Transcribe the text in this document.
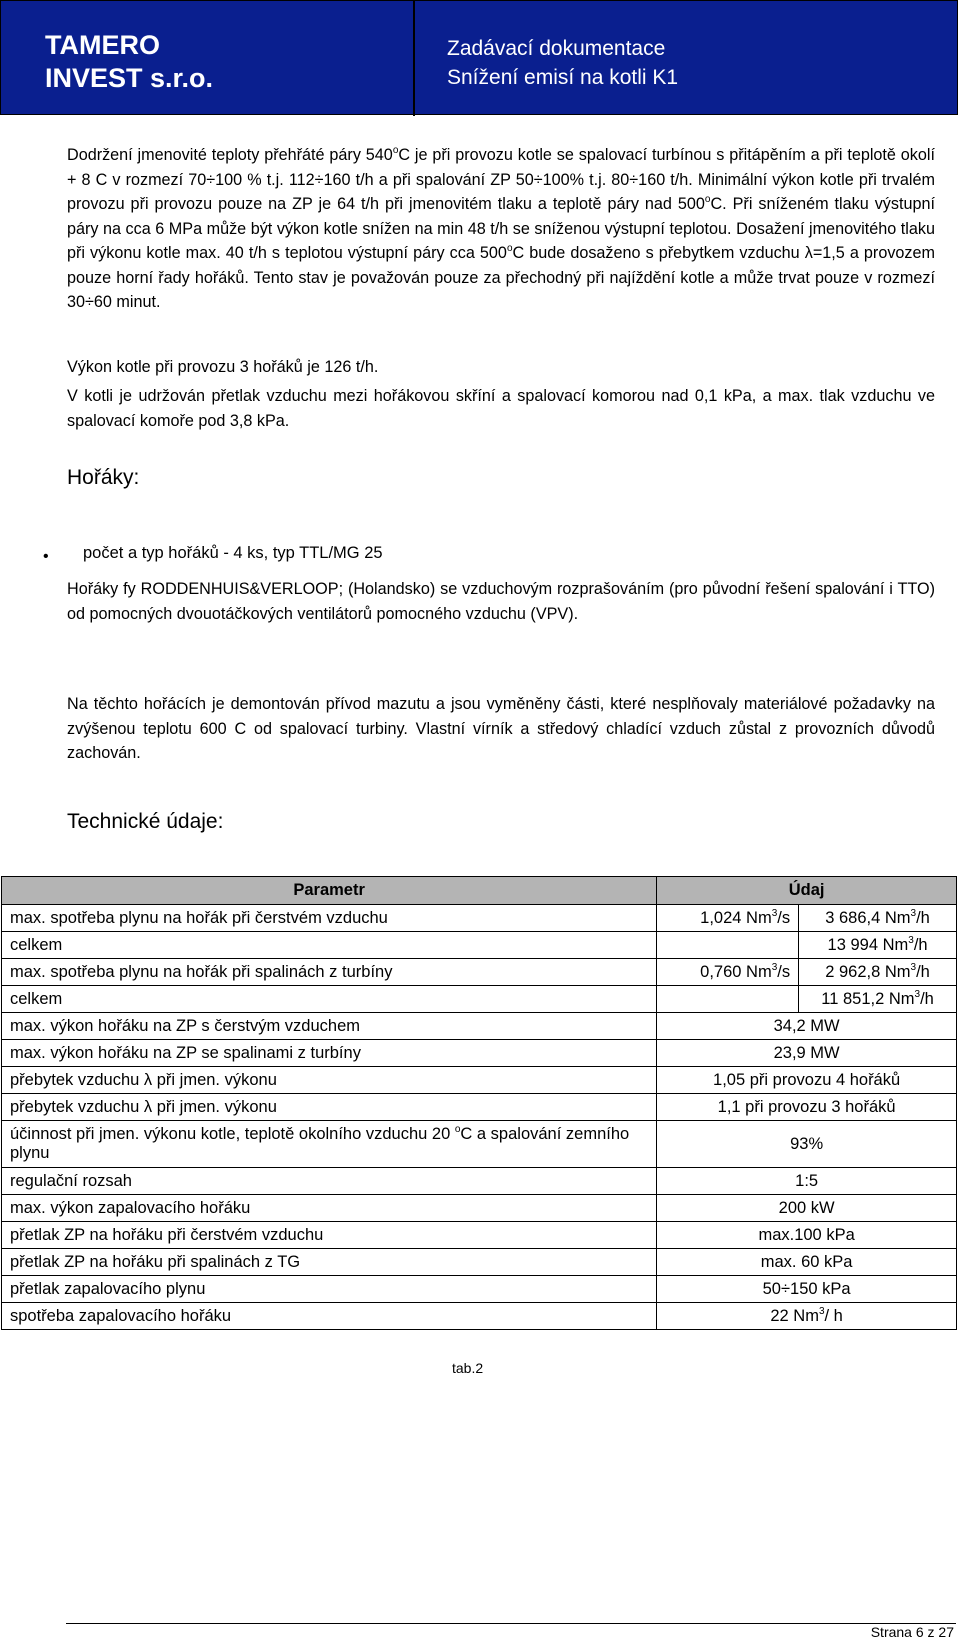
TAMERO
INVEST s.r.o.
Zadávací dokumentace
Snížení emisí na kotli K1

Dodržení jmenovité teploty přehřáté páry 540$^o$C je při provozu kotle se spalovací turbínou s přitápěním a při teplotě okolí + 8 C v rozmezí 70÷100 % t.j. 112÷160 t/h a při spalování ZP 50÷100% t.j. 80÷160 t/h. Minimální výkon kotle při trvalém provozu při provozu pouze na ZP je 64 t/h při jmenovitém tlaku a teplotě páry nad 500$^o$C. Při sníženém tlaku výstupní páry na cca 6 MPa může být výkon kotle snížen na min 48 t/h se sníženou výstupní teplotou. Dosažení jmenovitého tlaku při výkonu kotle max. 40 t/h s teplotou výstupní páry cca 500$^o$C bude dosaženo s přebytkem vzduchu λ=1,5 a provozem pouze horní řady hořáků. Tento stav je považován pouze za přechodný při najíždění kotle a může trvat pouze v rozmezí 30÷60 minut.

Výkon kotle při provozu 3 hořáků je 126 t/h.
V kotli je udržován přetlak vzduchu mezi hořákovou skříní a spalovací komorou nad 0,1 kPa, a max. tlak vzduchu ve spalovací komoře pod 3,8 kPa.
Hořáky:
• počet a typ hořáků - 4 ks, typ TTL/MG 25
Hořáky fy RODDENHUIS&VERLOOP; (Holandsko) se vzduchovým rozprašováním (pro původní řešení spalování i TTO) od pomocných dvouotáčkových ventilátorů pomocného vzduchu (VPV).
Na těchto hořácích je demontován přívod mazutu a jsou vyměněny části, které nesplňovaly materiálové požadavky na zvýšenou teplotu 600 C od spalovací turbiny. Vlastní vírník a středový chladící vzduch zůstal z provozních důvodů zachován.
Technické údaje:
Parametr	Údaj	
max. spotřeba plynu na hořák při čerstvém vzduchu	1,024 Nm$^3$/s	3 686,4 Nm$^3$/h
celkem		13 994 Nm$^3$/h
max. spotřeba plynu na hořák při spalinách z turbíny	0,760 Nm$^3$/s	2 962,8 Nm$^3$/h
celkem		11 851,2 Nm$^3$/h
max. výkon hořáku na ZP s čerstvým vzduchem	34,2 MW	
max. výkon hořáku na ZP se spalinami z turbíny	23,9 MW	
přebytek vzduchu λ při jmen. výkonu	1,05 při provozu 4 hořáků	
přebytek vzduchu λ při jmen. výkonu	1,1 při provozu 3 hořáků	
účinnost při jmen. výkonu kotle, teplotě okolního vzduchu 20 $^o$C a spalování zemního plynu	93%	
regulační rozsah	1:5	
max. výkon zapalovacího hořáku	200 kW	
přetlak ZP na hořáku při čerstvém vzduchu	max.100 kPa	
přetlak ZP na hořáku při spalinách z TG	max. 60 kPa	
přetlak zapalovacího plynu	50÷150 kPa	
spotřeba zapalovacího hořáku	22 Nm$^3$/ h	
tab.2
Strana 6 z 27
